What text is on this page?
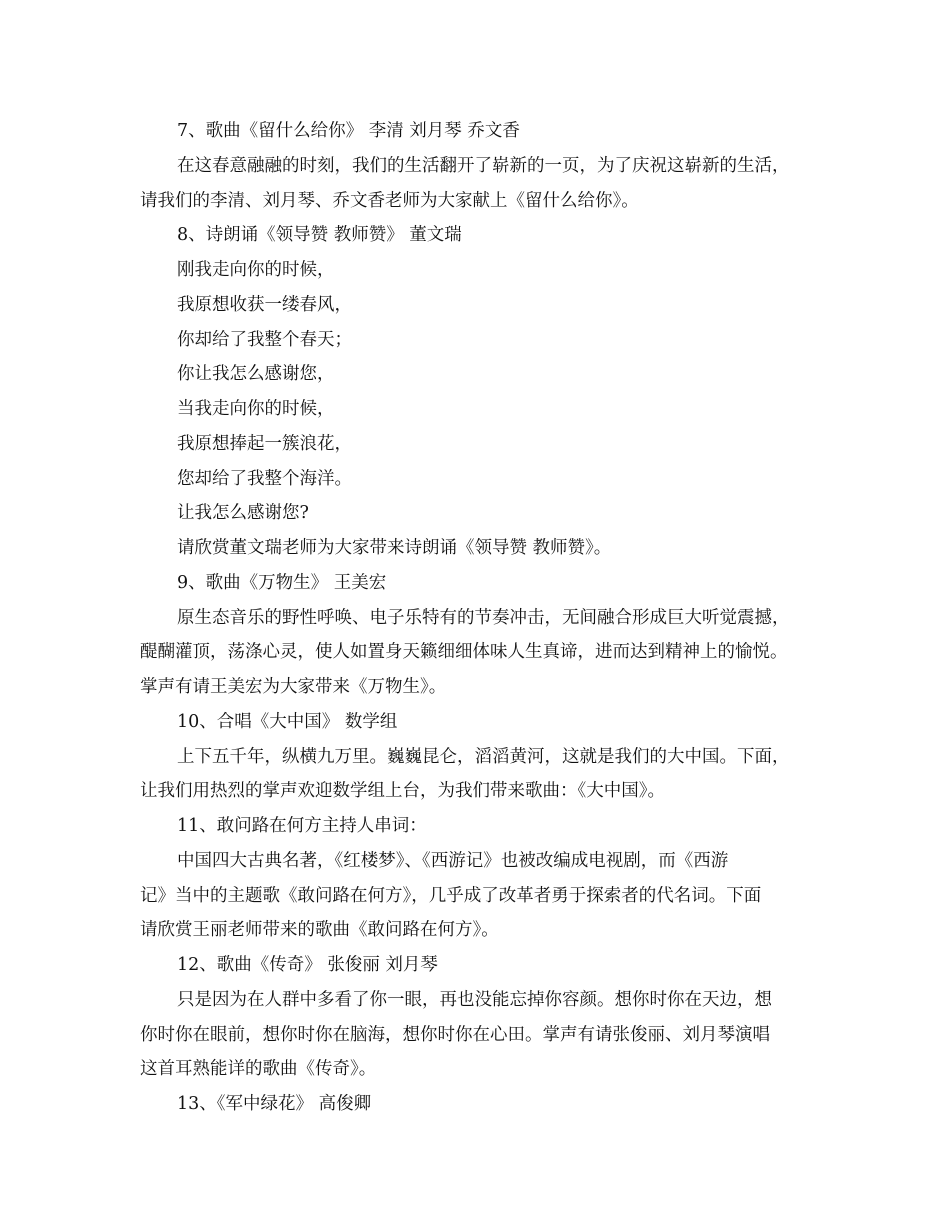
7、歌曲《留什么给你》 李清 刘月琴 乔文香
在这春意融融的时刻，我们的生活翻开了崭新的一页，为了庆祝这崭新的生活，
请我们的李清、刘月琴、乔文香老师为大家献上《留什么给你》。
8、诗朗诵《领导赞 教师赞》 董文瑞
刚我走向你的时候，
我原想收获一缕春风，
你却给了我整个春天；
你让我怎么感谢您，
当我走向你的时候，
我原想捧起一簇浪花，
您却给了我整个海洋。
让我怎么感谢您?
请欣赏董文瑞老师为大家带来诗朗诵《领导赞 教师赞》。
9、歌曲《万物生》 王美宏
原生态音乐的野性呼唤、电子乐特有的节奏冲击，无间融合形成巨大听觉震撼，
醍醐灌顶，荡涤心灵，使人如置身天籁细细体味人生真谛，进而达到精神上的愉悦。
掌声有请王美宏为大家带来《万物生》。
10、合唱《大中国》 数学组
上下五千年，纵横九万里。巍巍昆仑，滔滔黄河，这就是我们的大中国。下面，
让我们用热烈的掌声欢迎数学组上台，为我们带来歌曲：《大中国》。
11、敢问路在何方主持人串词：
中国四大古典名著，《红楼梦》、《西游记》也被改编成电视剧，而《西游
记》当中的主题歌《敢问路在何方》，几乎成了改革者勇于探索者的代名词。下面
请欣赏王丽老师带来的歌曲《敢问路在何方》。
12、歌曲《传奇》 张俊丽 刘月琴
只是因为在人群中多看了你一眼，再也没能忘掉你容颜。想你时你在天边，想
你时你在眼前，想你时你在脑海，想你时你在心田。掌声有请张俊丽、刘月琴演唱
这首耳熟能详的歌曲《传奇》。
13、《军中绿花》 高俊卿
